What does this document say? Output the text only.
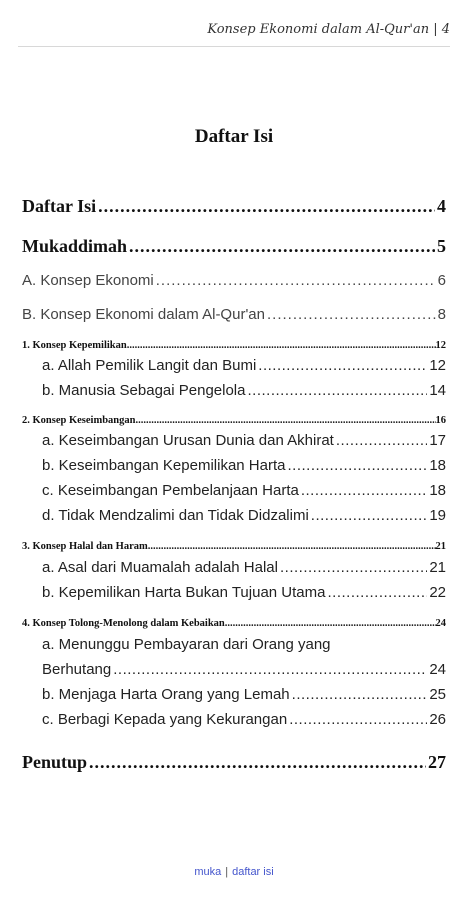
Konsep Ekonomi dalam Al-Qur'an | 4
Daftar Isi
Daftar Isi .....	4
Mukaddimah .....	5
A. Konsep Ekonomi .....	6
B. Konsep Ekonomi dalam Al-Qur'an .....	8
1. Konsep Kepemilikan .....	12
a. Allah Pemilik Langit dan Bumi .....	12
b. Manusia Sebagai Pengelola .....	14
2. Konsep Keseimbangan .....	16
a. Keseimbangan Urusan Dunia dan Akhirat .....	17
b. Keseimbangan Kepemilikan Harta .....	18
c. Keseimbangan Pembelanjaan Harta .....	18
d. Tidak Mendzalimi dan Tidak Didzalimi .....	19
3. Konsep Halal dan Haram .....	21
a. Asal dari Muamalah adalah Halal .....	21
b. Kepemilikan Harta Bukan Tujuan Utama .....	22
4. Konsep Tolong-Menolong dalam Kebaikan .....	24
a. Menunggu Pembayaran dari Orang yang
Berhutang .....	24
b. Menjaga Harta Orang yang Lemah .....	25
c. Berbagi Kepada yang Kekurangan .....	26
Penutup .....	27
muka | daftar isi
